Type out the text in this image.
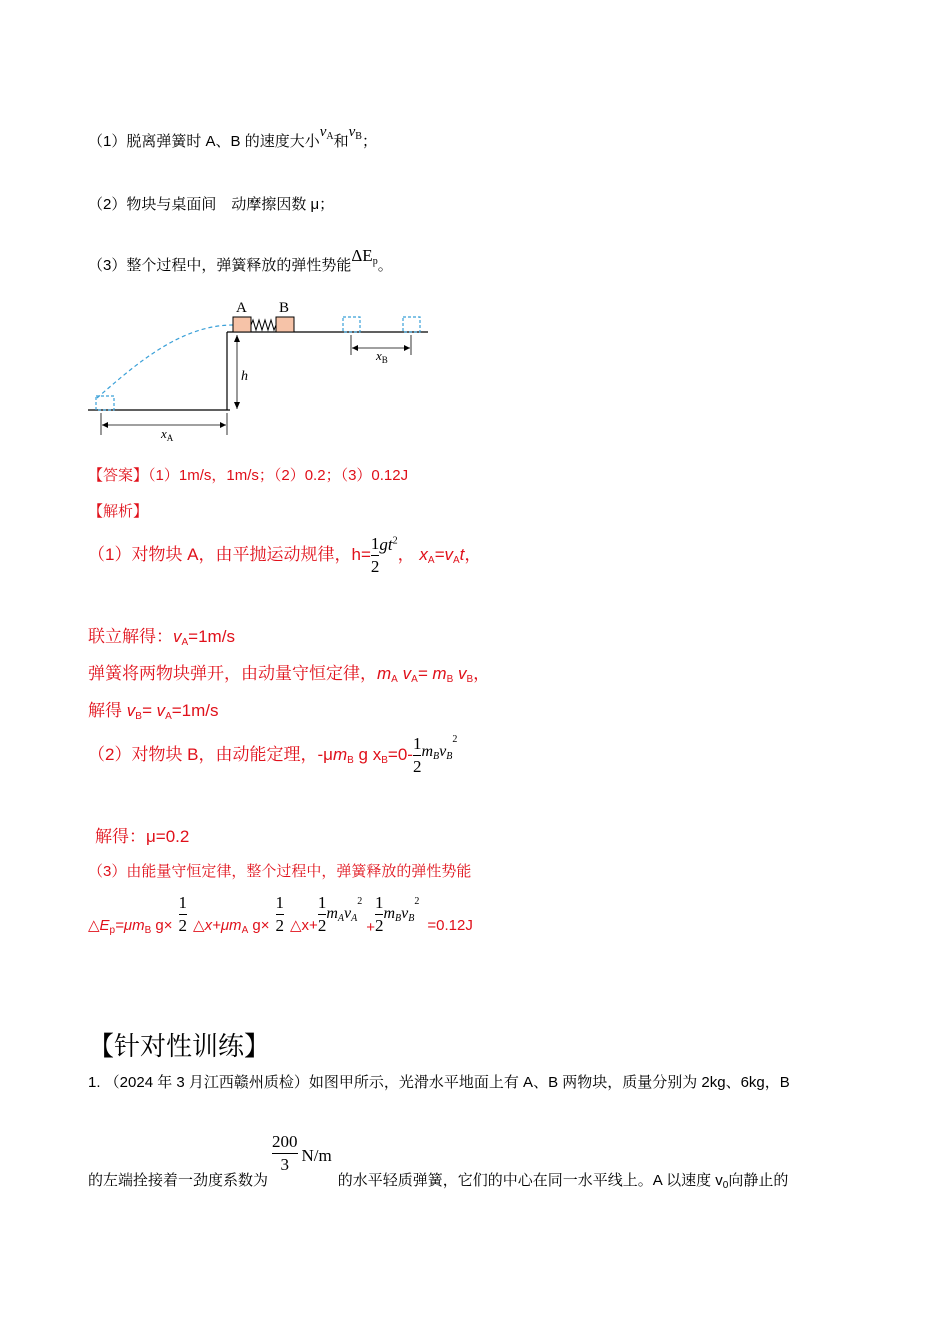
（1）脱离弹簧时 A、B 的速度大小$v_A$和$v_B$；
（2）物块与桌面间　动摩擦因数 μ；
（3）整个过程中，弹簧释放的弹性势能$\Delta E_p$。
A B
$x_B$
h
$x_A$
【答案】（1）1m/s，1m/s；（2）0.2；（3）0.12J
【解析】
（1）对物块 A，由平抛运动规律，$h= \frac{1}{2} gt^2$， $x_A=v_At$，
联立解得：$v_A=1m/s$
弹簧将两物块弹开，由动量守恒定律，$m_A$ $v_A= m_B$ $v_B$，
解得 $v_B= v_A=1m/s$
（2）对物块 B，由动能定理，$-\mu m_B$ g $x_B=0- \frac{1}{2} m_Bv_B^2$
解得：μ=0.2
（3）由能量守恒定律，整个过程中，弹簧释放的弹性势能
$\triangle E_p=\mu m_B$ $g\times \frac{1}{2}$ $\triangle x+\mu m_A$ $g\times \frac{1}{2}$ △x+ $\frac{1}{2} m_Av_A^2+ \frac{1}{2} m_Bv_B^2=0.12J$
【针对性训练】
1. （2024 年 3 月江西赣州质检）如图甲所示，光滑水平地面上有 A、B 两物块，质量分别为 2kg、6kg，B
的左端拴接着一劲度系数为
$\frac{200}{3} N/m$的水平轻质弹簧，它们的中心在同一水平线上。A 以速度 $v_0$向静止的
